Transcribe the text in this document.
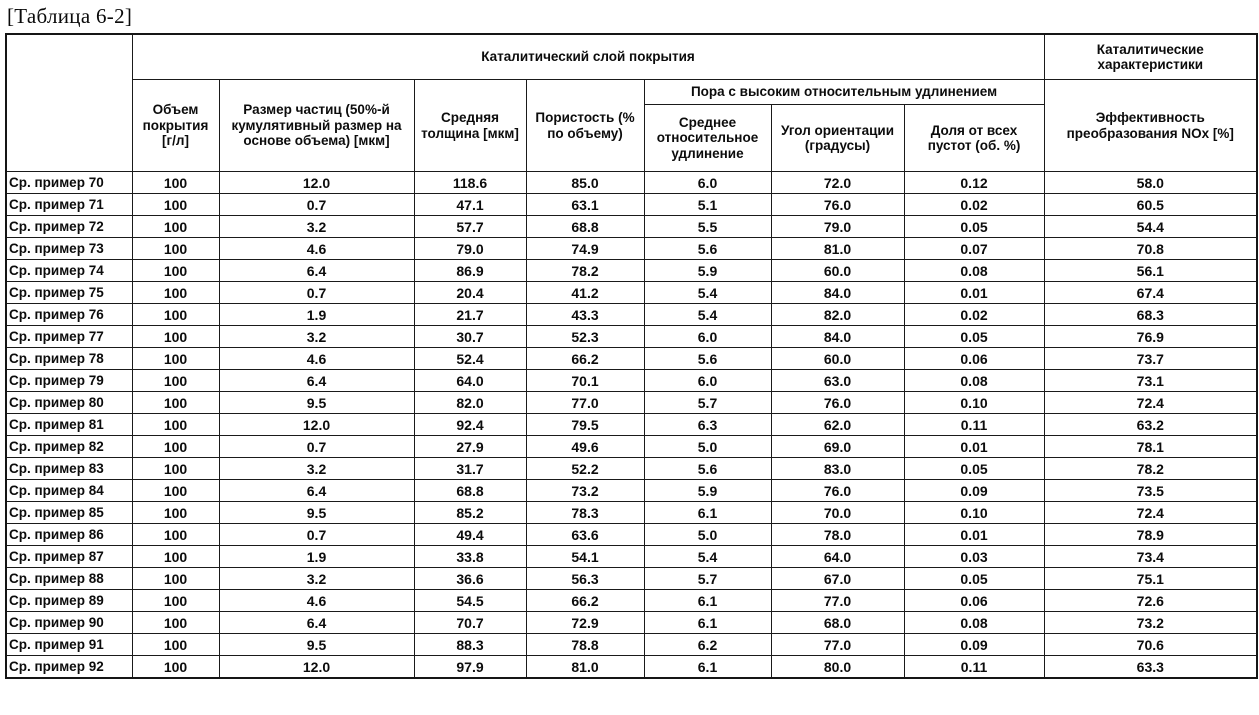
[Таблица 6-2]
	Каталитический слой покрытия							Каталитические характеристики
	Объем покрытия [г/л]	Размер частиц (50%-й кумулятивный размер на основе объема) [мкм]	Средняя толщина [мкм]	Пористость (% по объему)	Пора с высоким относительным удлинением			Эффективность преобразования NOx [%]
					Среднее относительное удлинение	Угол ориентации (градусы)	Доля от всех пустот (об. %)	
Ср. пример 70	100	12.0	118.6	85.0	6.0	72.0	0.12	58.0
Ср. пример 71	100	0.7	47.1	63.1	5.1	76.0	0.02	60.5
Ср. пример 72	100	3.2	57.7	68.8	5.5	79.0	0.05	54.4
Ср. пример 73	100	4.6	79.0	74.9	5.6	81.0	0.07	70.8
Ср. пример 74	100	6.4	86.9	78.2	5.9	60.0	0.08	56.1
Ср. пример 75	100	0.7	20.4	41.2	5.4	84.0	0.01	67.4
Ср. пример 76	100	1.9	21.7	43.3	5.4	82.0	0.02	68.3
Ср. пример 77	100	3.2	30.7	52.3	6.0	84.0	0.05	76.9
Ср. пример 78	100	4.6	52.4	66.2	5.6	60.0	0.06	73.7
Ср. пример 79	100	6.4	64.0	70.1	6.0	63.0	0.08	73.1
Ср. пример 80	100	9.5	82.0	77.0	5.7	76.0	0.10	72.4
Ср. пример 81	100	12.0	92.4	79.5	6.3	62.0	0.11	63.2
Ср. пример 82	100	0.7	27.9	49.6	5.0	69.0	0.01	78.1
Ср. пример 83	100	3.2	31.7	52.2	5.6	83.0	0.05	78.2
Ср. пример 84	100	6.4	68.8	73.2	5.9	76.0	0.09	73.5
Ср. пример 85	100	9.5	85.2	78.3	6.1	70.0	0.10	72.4
Ср. пример 86	100	0.7	49.4	63.6	5.0	78.0	0.01	78.9
Ср. пример 87	100	1.9	33.8	54.1	5.4	64.0	0.03	73.4
Ср. пример 88	100	3.2	36.6	56.3	5.7	67.0	0.05	75.1
Ср. пример 89	100	4.6	54.5	66.2	6.1	77.0	0.06	72.6
Ср. пример 90	100	6.4	70.7	72.9	6.1	68.0	0.08	73.2
Ср. пример 91	100	9.5	88.3	78.8	6.2	77.0	0.09	70.6
Ср. пример 92	100	12.0	97.9	81.0	6.1	80.0	0.11	63.3
